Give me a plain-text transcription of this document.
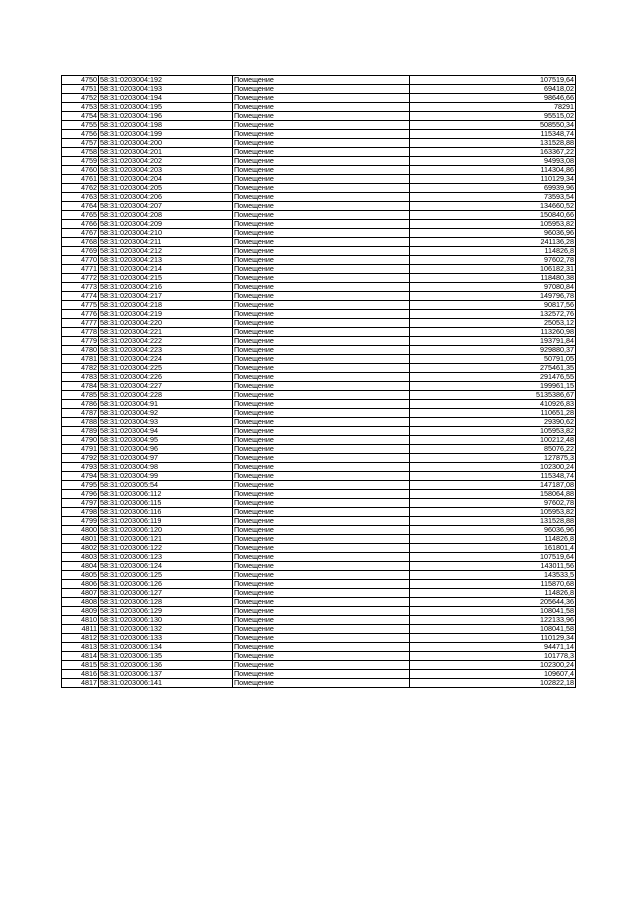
4750	58:31:0203004:192	Помещение	107519,64
4751	58:31:0203004:193	Помещение	69418,02
4752	58:31:0203004:194	Помещение	98646,66
4753	58:31:0203004:195	Помещение	78291
4754	58:31:0203004:196	Помещение	95515,02
4755	58:31:0203004:198	Помещение	508550,34
4756	58:31:0203004:199	Помещение	115348,74
4757	58:31:0203004:200	Помещение	131528,88
4758	58:31:0203004:201	Помещение	163367,22
4759	58:31:0203004:202	Помещение	94993,08
4760	58:31:0203004:203	Помещение	114304,86
4761	58:31:0203004:204	Помещение	110129,34
4762	58:31:0203004:205	Помещение	69939,96
4763	58:31:0203004:206	Помещение	73593,54
4764	58:31:0203004:207	Помещение	134660,52
4765	58:31:0203004:208	Помещение	150840,66
4766	58:31:0203004:209	Помещение	105953,82
4767	58:31:0203004:210	Помещение	96036,96
4768	58:31:0203004:211	Помещение	241136,28
4769	58:31:0203004:212	Помещение	114826,8
4770	58:31:0203004:213	Помещение	97602,78
4771	58:31:0203004:214	Помещение	106182,31
4772	58:31:0203004:215	Помещение	118480,38
4773	58:31:0203004:216	Помещение	97080,84
4774	58:31:0203004:217	Помещение	149796,78
4775	58:31:0203004:218	Помещение	90817,56
4776	58:31:0203004:219	Помещение	132572,76
4777	58:31:0203004:220	Помещение	25053,12
4778	58:31:0203004:221	Помещение	113260,98
4779	58:31:0203004:222	Помещение	193791,84
4780	58:31:0203004:223	Помещение	929880,37
4781	58:31:0203004:224	Помещение	50791,05
4782	58:31:0203004:225	Помещение	275461,35
4783	58:31:0203004:226	Помещение	291476,55
4784	58:31:0203004:227	Помещение	199961,15
4785	58:31:0203004:228	Помещение	5135386,67
4786	58:31:0203004:91	Помещение	410926,83
4787	58:31:0203004:92	Помещение	110651,28
4788	58:31:0203004:93	Помещение	29390,62
4789	58:31:0203004:94	Помещение	105953,82
4790	58:31:0203004:95	Помещение	100212,48
4791	58:31:0203004:96	Помещение	85076,22
4792	58:31:0203004:97	Помещение	127875,3
4793	58:31:0203004:98	Помещение	102300,24
4794	58:31:0203004:99	Помещение	115348,74
4795	58:31:0203005:54	Помещение	147187,08
4796	58:31:0203006:112	Помещение	158064,88
4797	58:31:0203006:115	Помещение	97602,78
4798	58:31:0203006:116	Помещение	105953,82
4799	58:31:0203006:119	Помещение	131528,88
4800	58:31:0203006:120	Помещение	96036,96
4801	58:31:0203006:121	Помещение	114826,8
4802	58:31:0203006:122	Помещение	161801,4
4803	58:31:0203006:123	Помещение	107519,64
4804	58:31:0203006:124	Помещение	143011,56
4805	58:31:0203006:125	Помещение	143533,5
4806	58:31:0203006:126	Помещение	115870,68
4807	58:31:0203006:127	Помещение	114826,8
4808	58:31:0203006:128	Помещение	205644,36
4809	58:31:0203006:129	Помещение	108041,58
4810	58:31:0203006:130	Помещение	122133,96
4811	58:31:0203006:132	Помещение	108041,58
4812	58:31:0203006:133	Помещение	110129,34
4813	58:31:0203006:134	Помещение	94471,14
4814	58:31:0203006:135	Помещение	101778,3
4815	58:31:0203006:136	Помещение	102300,24
4816	58:31:0203006:137	Помещение	109607,4
4817	58:31:0203006:141	Помещение	102822,18
